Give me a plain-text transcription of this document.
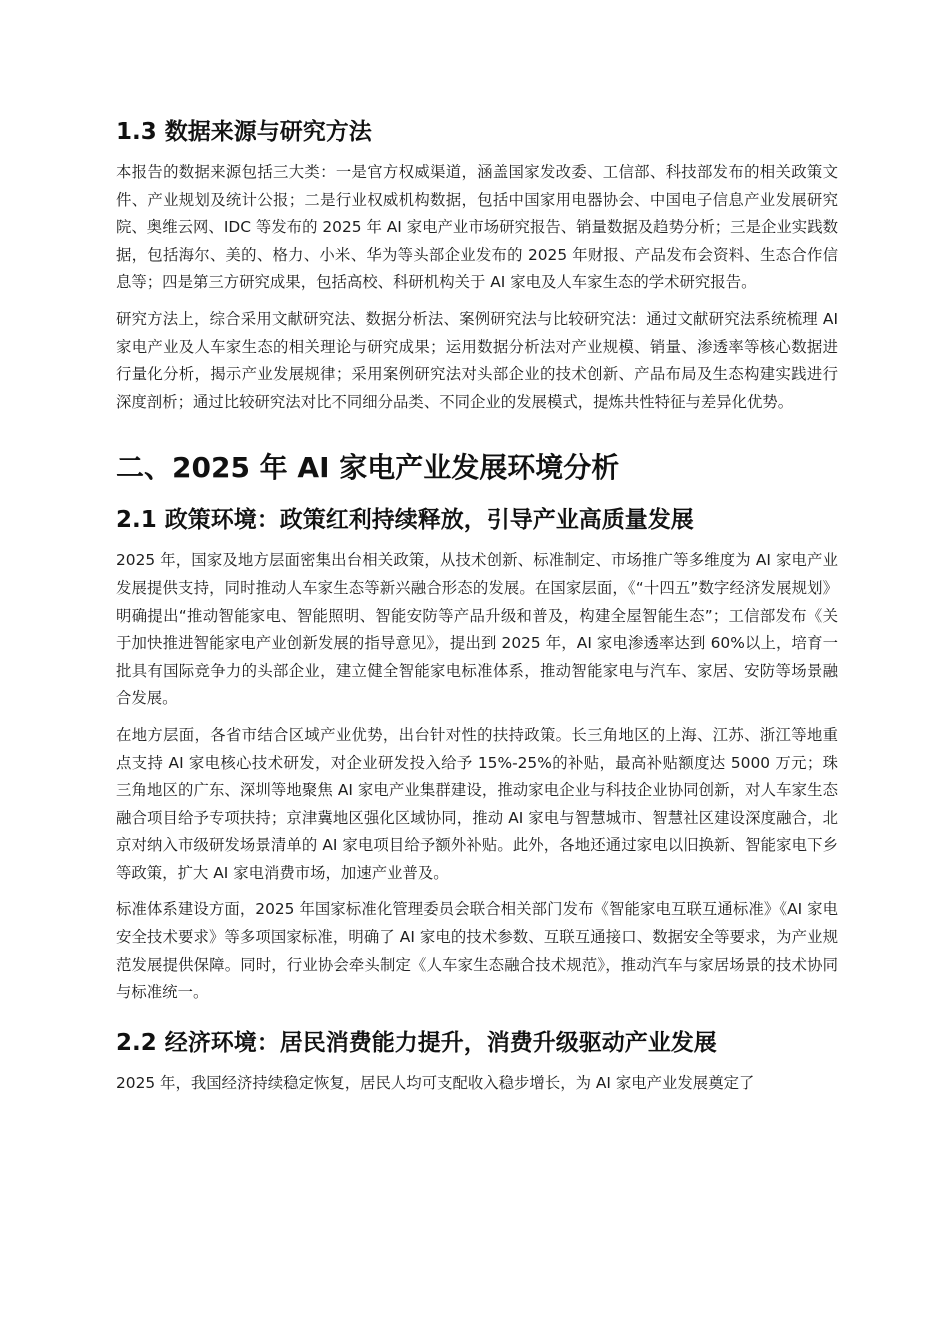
1.3 数据来源与研究方法

本报告的数据来源包括三大类：一是官方权威渠道，涵盖国家发改委、工信部、科技部发布的相关政策文件、产业规划及统计公报；二是行业权威机构数据，包括中国家用电器协会、中国电子信息产业发展研究院、奥维云网、IDC 等发布的 2025 年 AI 家电产业市场研究报告、销量数据及趋势分析；三是企业实践数据，包括海尔、美的、格力、小米、华为等头部企业发布的 2025 年财报、产品发布会资料、生态合作信息等；四是第三方研究成果，包括高校、科研机构关于 AI 家电及人车家生态的学术研究报告。

研究方法上，综合采用文献研究法、数据分析法、案例研究法与比较研究法：通过文献研究法系统梳理 AI 家电产业及人车家生态的相关理论与研究成果；运用数据分析法对产业规模、销量、渗透率等核心数据进行量化分析，揭示产业发展规律；采用案例研究法对头部企业的技术创新、产品布局及生态构建实践进行深度剖析；通过比较研究法对比不同细分品类、不同企业的发展模式，提炼共性特征与差异化优势。

二、2025 年 AI 家电产业发展环境分析
2.1 政策环境：政策红利持续释放，引导产业高质量发展

2025 年，国家及地方层面密集出台相关政策，从技术创新、标准制定、市场推广等多维度为 AI 家电产业发展提供支持，同时推动人车家生态等新兴融合形态的发展。在国家层面，《“十四五”数字经济发展规划》明确提出“推动智能家电、智能照明、智能安防等产品升级和普及，构建全屋智能生态”；工信部发布《关于加快推进智能家电产业创新发展的指导意见》，提出到 2025 年，AI 家电渗透率达到 60%以上，培育一批具有国际竞争力的头部企业，建立健全智能家电标准体系，推动智能家电与汽车、家居、安防等场景融合发展。

在地方层面，各省市结合区域产业优势，出台针对性的扶持政策。长三角地区的上海、江苏、浙江等地重点支持 AI 家电核心技术研发，对企业研发投入给予 15%-25%的补贴，最高补贴额度达 5000 万元；珠三角地区的广东、深圳等地聚焦 AI 家电产业集群建设，推动家电企业与科技企业协同创新，对人车家生态融合项目给予专项扶持；京津冀地区强化区域协同，推动 AI 家电与智慧城市、智慧社区建设深度融合，北京对纳入市级研发场景清单的 AI 家电项目给予额外补贴。此外，各地还通过家电以旧换新、智能家电下乡等政策，扩大 AI 家电消费市场，加速产业普及。

标准体系建设方面，2025 年国家标准化管理委员会联合相关部门发布《智能家电互联互通标准》《AI 家电安全技术要求》等多项国家标准，明确了 AI 家电的技术参数、互联互通接口、数据安全等要求，为产业规范发展提供保障。同时，行业协会牵头制定《人车家生态融合技术规范》，推动汽车与家居场景的技术协同与标准统一。

2.2 经济环境：居民消费能力提升，消费升级驱动产业发展

2025 年，我国经济持续稳定恢复，居民人均可支配收入稳步增长，为 AI 家电产业发展奠定了
